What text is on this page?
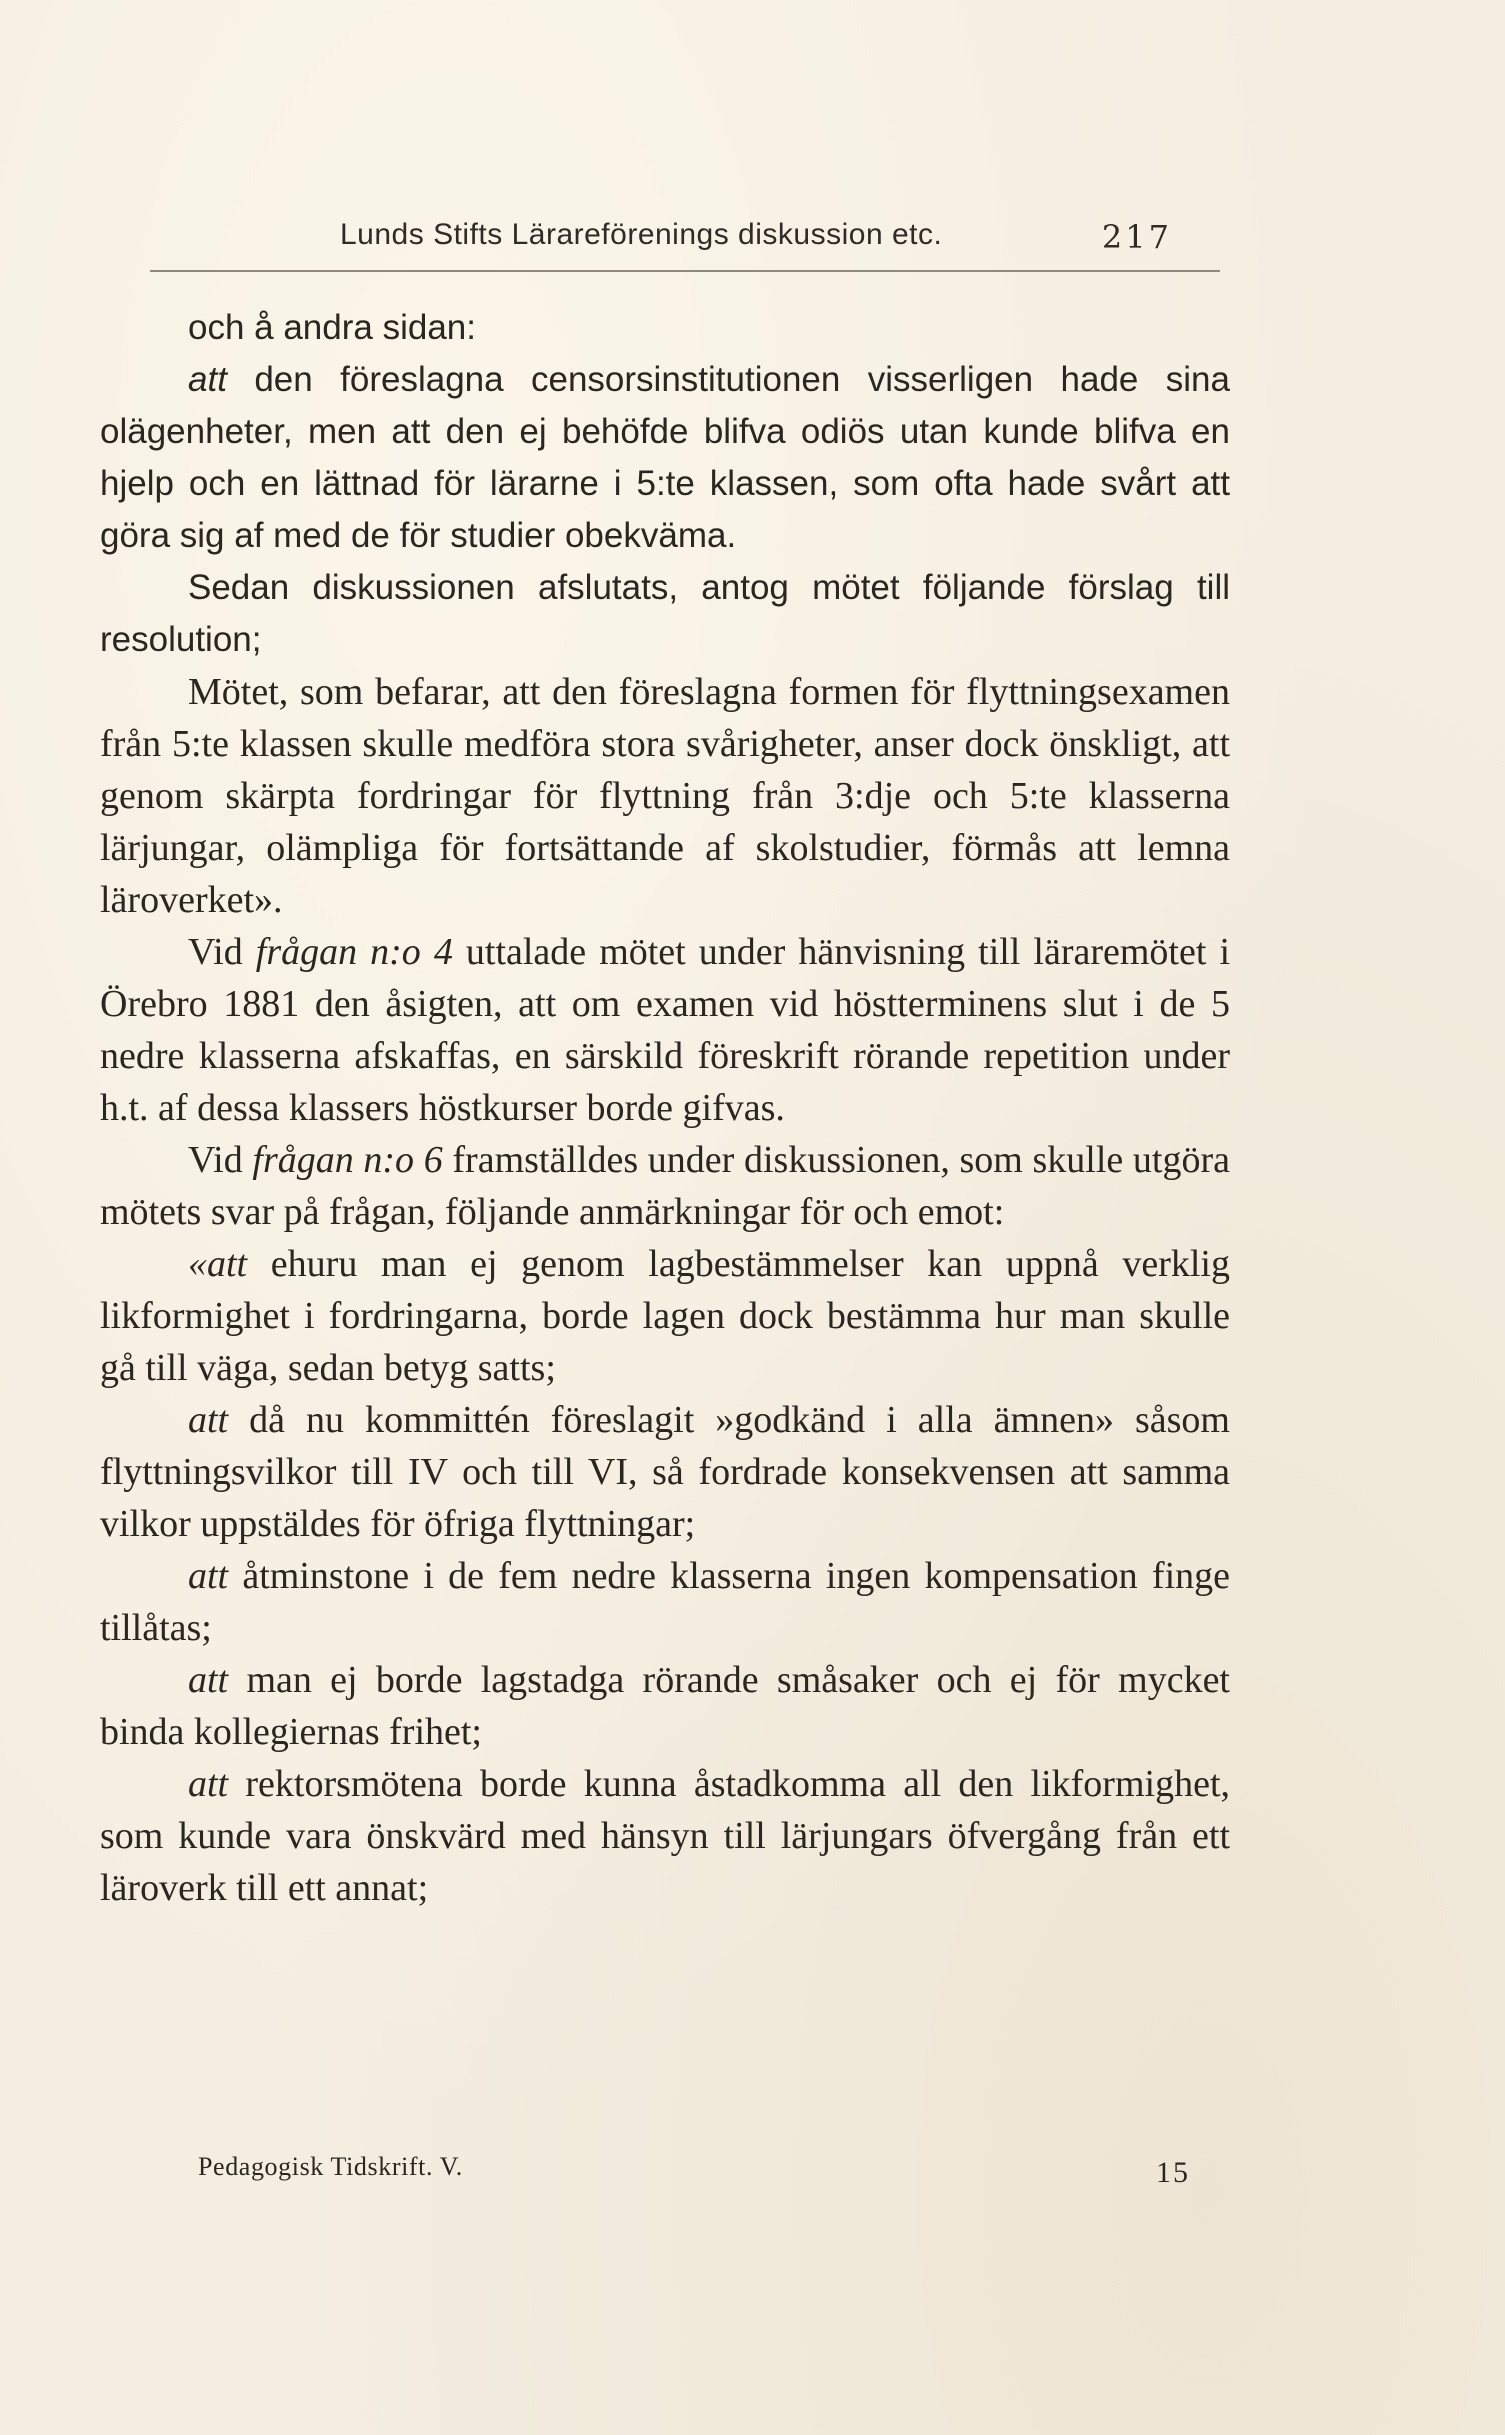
Lunds Stifts Lärareförenings diskussion etc.	217

och å andra sidan:

att den föreslagna censorsinstitutionen visserligen hade sina olägenheter, men att den ej behöfde blifva odiös utan kunde blifva en hjelp och en lättnad för lärarne i 5:te klassen, som ofta hade svårt att göra sig af med de för studier obekväma.

Sedan diskussionen afslutats, antog mötet följande förslag till resolution;

Mötet, som befarar, att den föreslagna formen för flyttningsexamen från 5:te klassen skulle medföra stora svårigheter, anser dock önskligt, att genom skärpta fordringar för flyttning från 3:dje och 5:te klasserna lärjungar, olämpliga för fortsättande af skolstudier, förmås att lemna läroverket».

Vid frågan n:o 4 uttalade mötet under hänvisning till läraremötet i Örebro 1881 den åsigten, att om examen vid höstterminens slut i de 5 nedre klasserna afskaffas, en särskild föreskrift rörande repetition under h.t. af dessa klassers höstkurser borde gifvas.

Vid frågan n:o 6 framställdes under diskussionen, som skulle utgöra mötets svar på frågan, följande anmärkningar för och emot:

«att ehuru man ej genom lagbestämmelser kan uppnå verklig likformighet i fordringarna, borde lagen dock bestämma hur man skulle gå till väga, sedan betyg satts;

att då nu kommittén föreslagit »godkänd i alla ämnen» såsom flyttningsvilkor till IV och till VI, så fordrade konsekvensen att samma vilkor uppstäldes för öfriga flyttningar;

att åtminstone i de fem nedre klasserna ingen kompensation finge tillåtas;

att man ej borde lagstadga rörande småsaker och ej för mycket binda kollegiernas frihet;

att rektorsmötena borde kunna åstadkomma all den likformighet, som kunde vara önskvärd med hänsyn till lärjungars öfvergång från ett läroverk till ett annat;

Pedagogisk Tidskrift. V.	15
